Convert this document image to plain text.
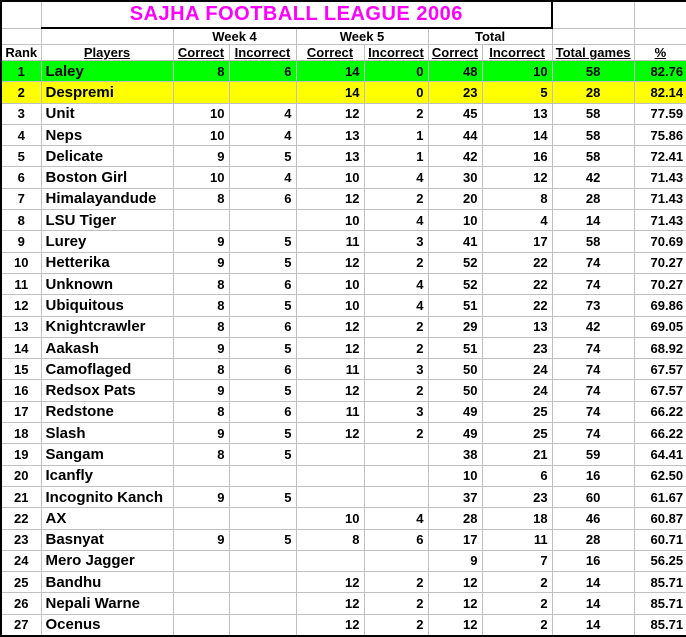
	SAJHA FOOTBALL LEAGUE 2006								
		Week 4		Week 5		Total			
Rank	Players	Correct	Incorrect	Correct	Incorrect	Correct	Incorrect	Total games	%
1	Laley	8	6	14	0	48	10	58	82.76
2	Despremi			14	0	23	5	28	82.14
3	Unit	10	4	12	2	45	13	58	77.59
4	Neps	10	4	13	1	44	14	58	75.86
5	Delicate	9	5	13	1	42	16	58	72.41
6	Boston Girl	10	4	10	4	30	12	42	71.43
7	Himalayandude	8	6	12	2	20	8	28	71.43
8	LSU Tiger			10	4	10	4	14	71.43
9	Lurey	9	5	11	3	41	17	58	70.69
10	Hetterika	9	5	12	2	52	22	74	70.27
11	Unknown	8	6	10	4	52	22	74	70.27
12	Ubiquitous	8	5	10	4	51	22	73	69.86
13	Knightcrawler	8	6	12	2	29	13	42	69.05
14	Aakash	9	5	12	2	51	23	74	68.92
15	Camoflaged	8	6	11	3	50	24	74	67.57
16	Redsox Pats	9	5	12	2	50	24	74	67.57
17	Redstone	8	6	11	3	49	25	74	66.22
18	Slash	9	5	12	2	49	25	74	66.22
19	Sangam	8	5			38	21	59	64.41
20	Icanfly					10	6	16	62.50
21	Incognito Kanch	9	5			37	23	60	61.67
22	AX			10	4	28	18	46	60.87
23	Basnyat	9	5	8	6	17	11	28	60.71
24	Mero Jagger					9	7	16	56.25
25	Bandhu			12	2	12	2	14	85.71
26	Nepali Warne			12	2	12	2	14	85.71
27	Ocenus			12	2	12	2	14	85.71
